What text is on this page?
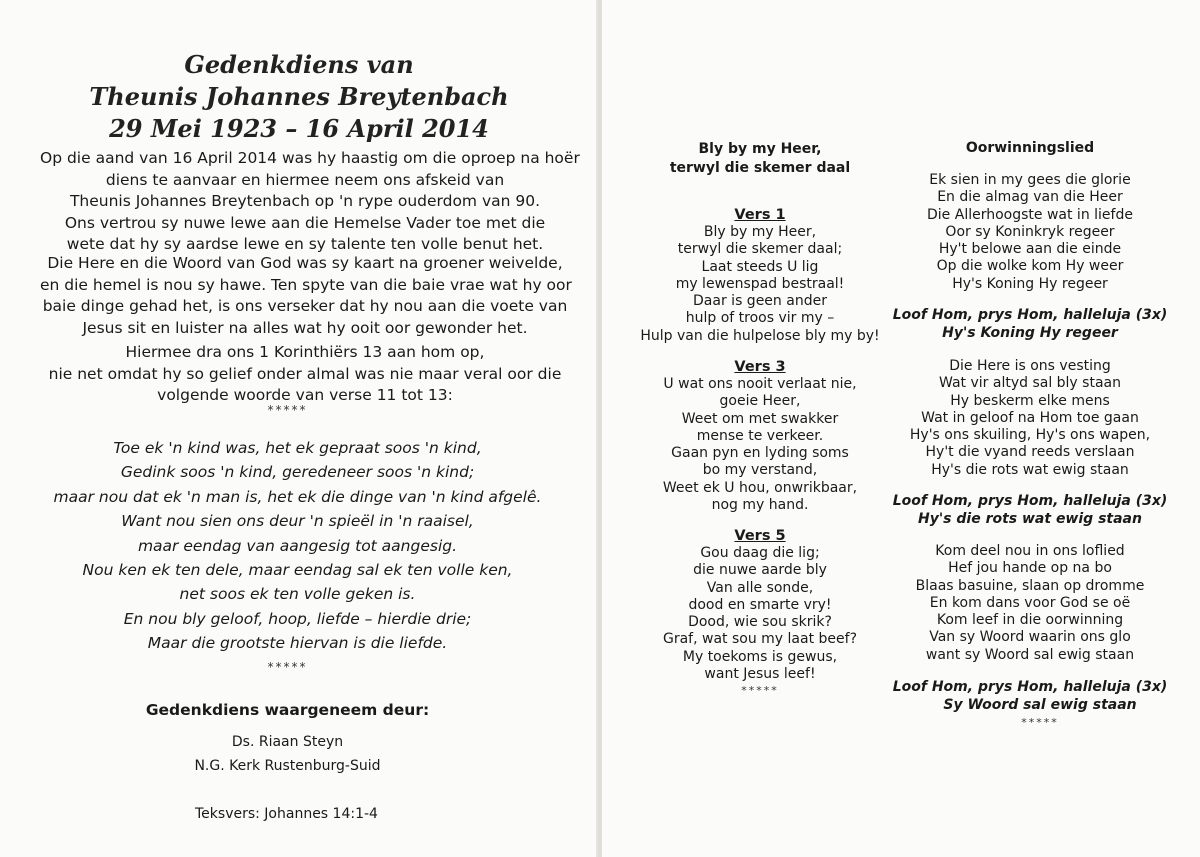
Gedenkdiens van
Theunis Johannes Breytenbach
29 Mei 1923 – 16 April 2014
Op die aand van 16 April 2014 was hy haastig om die oproep na hoër
diens te aanvaar en hiermee neem ons afskeid van
Theunis Johannes Breytenbach op 'n rype ouderdom van 90.
Ons vertrou sy nuwe lewe aan die Hemelse Vader toe met die
wete dat hy sy aardse lewe en sy talente ten volle benut het.
Die Here en die Woord van God was sy kaart na groener weivelde,
en die hemel is nou sy hawe. Ten spyte van die baie vrae wat hy oor
baie dinge gehad het, is ons verseker dat hy nou aan die voete van
Jesus sit en luister na alles wat hy ooit oor gewonder het.
Hiermee dra ons 1 Korinthiërs 13 aan hom op,
nie net omdat hy so gelief onder almal was nie maar veral oor die
volgende woorde van verse 11 tot 13:
*****
Toe ek 'n kind was, het ek gepraat soos 'n kind,
Gedink soos 'n kind, geredeneer soos 'n kind;
maar nou dat ek 'n man is, het ek die dinge van 'n kind afgelê.
Want nou sien ons deur 'n spieël in 'n raaisel,
maar eendag van aangesig tot aangesig.
Nou ken ek ten dele, maar eendag sal ek ten volle ken,
net soos ek ten volle geken is.
En nou bly geloof, hoop, liefde – hierdie drie;
Maar die grootste hiervan is die liefde.
*****
Gedenkdiens waargeneem deur:
Ds. Riaan Steyn
N.G. Kerk Rustenburg-Suid
Teksvers: Johannes 14:1-4
Bly by my Heer,
terwyl die skemer daal
Vers 1
Bly by my Heer,
terwyl die skemer daal;
Laat steeds U lig
my lewenspad bestraal!
Daar is geen ander
hulp of troos vir my –
Hulp van die hulpelose bly my by!
Vers 3
U wat ons nooit verlaat nie,
goeie Heer,
Weet om met swakker
mense te verkeer.
Gaan pyn en lyding soms
bo my verstand,
Weet ek U hou, onwrikbaar,
nog my hand.
Vers 5
Gou daag die lig;
die nuwe aarde bly
Van alle sonde,
dood en smarte vry!
Dood, wie sou skrik?
Graf, wat sou my laat beef?
My toekoms is gewus,
want Jesus leef!
*****
Oorwinningslied
Ek sien in my gees die glorie
En die almag van die Heer
Die Allerhoogste wat in liefde
Oor sy Koninkryk regeer
Hy't belowe aan die einde
Op die wolke kom Hy weer
Hy's Koning Hy regeer
Loof Hom, prys Hom, halleluja (3x)
Hy's Koning Hy regeer
Die Here is ons vesting
Wat vir altyd sal bly staan
Hy beskerm elke mens
Wat in geloof na Hom toe gaan
Hy's ons skuiling, Hy's ons wapen,
Hy't die vyand reeds verslaan
Hy's die rots wat ewig staan
Loof Hom, prys Hom, halleluja (3x)
Hy's die rots wat ewig staan
Kom deel nou in ons loflied
Hef jou hande op na bo
Blaas basuine, slaan op dromme
En kom dans voor God se oë
Kom leef in die oorwinning
Van sy Woord waarin ons glo
want sy Woord sal ewig staan
Loof Hom, prys Hom, halleluja (3x)
Sy Woord sal ewig staan
*****
